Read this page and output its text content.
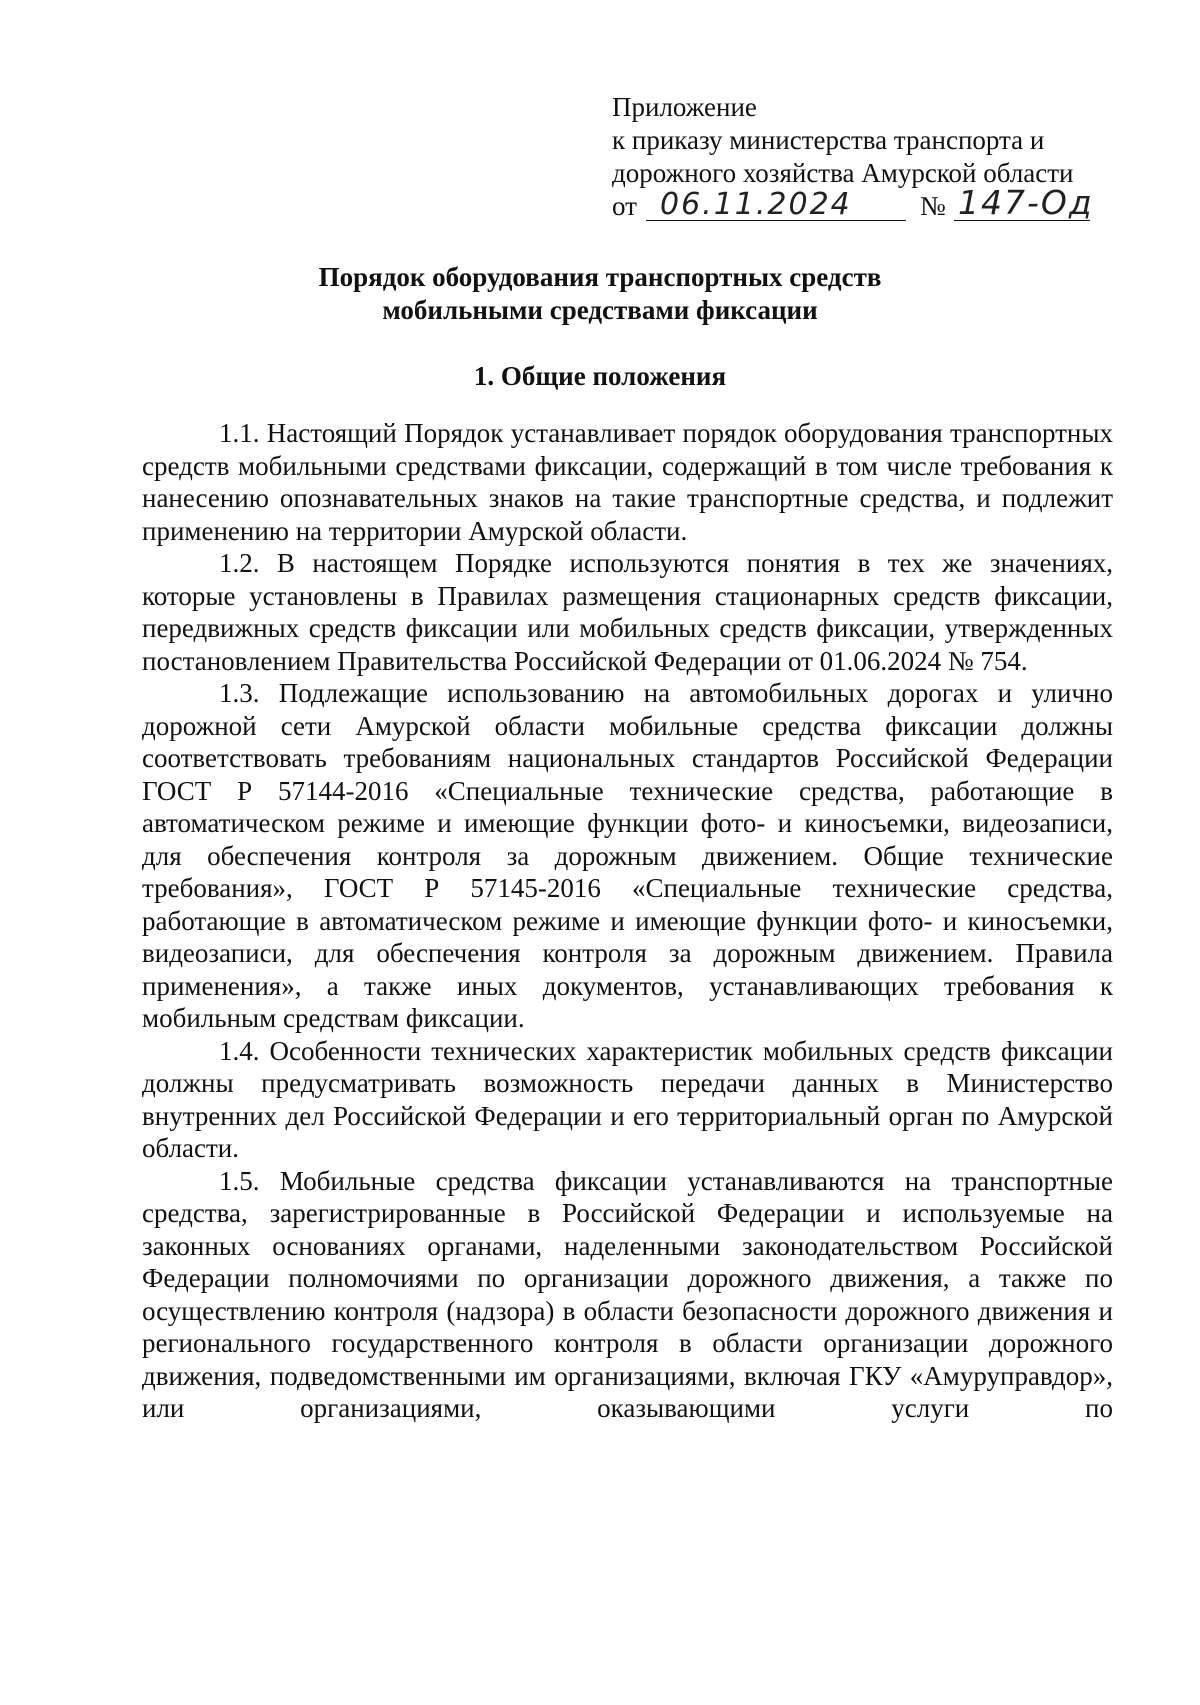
Приложение
к приказу министерства транспорта и
дорожного хозяйства Амурской области
от 06.11.2024	№ 147-Од
Порядок оборудования транспортных средств
мобильными средствами фиксации
1. Общие положения

1.1. Настоящий Порядок устанавливает порядок оборудования транспортных средств мобильными средствами фиксации, содержащий в том числе требования к нанесению опознавательных знаков на такие транспортные средства, и подлежит применению на территории Амурской области.

1.2. В настоящем Порядке используются понятия в тех же значениях, которые установлены в Правилах размещения стационарных средств фиксации, передвижных средств фиксации или мобильных средств фиксации, утвержденных постановлением Правительства Российской Федерации от 01.06.2024 № 754.

1.3. Подлежащие использованию на автомобильных дорогах и улично дорожной сети Амурской области мобильные средства фиксации должны соответствовать требованиям национальных стандартов Российской Федерации ГОСТ Р 57144-2016 «Специальные технические средства, работающие в автоматическом режиме и имеющие функции фото- и киносъемки, видеозаписи, для обеспечения контроля за дорожным движением. Общие технические требования», ГОСТ Р 57145-2016 «Специальные технические средства, работающие в автоматическом режиме и имеющие функции фото- и киносъемки, видеозаписи, для обеспечения контроля за дорожным движением. Правила применения», а также иных документов, устанавливающих требования к мобильным средствам фиксации.

1.4. Особенности технических характеристик мобильных средств фиксации должны предусматривать возможность передачи данных в Министерство внутренних дел Российской Федерации и его территориальный орган по Амурской области.

1.5. Мобильные средства фиксации устанавливаются на транспортные средства, зарегистрированные в Российской Федерации и используемые на законных основаниях органами, наделенными законодательством Российской Федерации полномочиями по организации дорожного движения, а также по осуществлению контроля (надзора) в области безопасности дорожного движения и регионального государственного контроля в области организации дорожного движения, подведомственными им организациями, включая ГКУ «Амуруправдор», или организациями, оказывающими услуги по
